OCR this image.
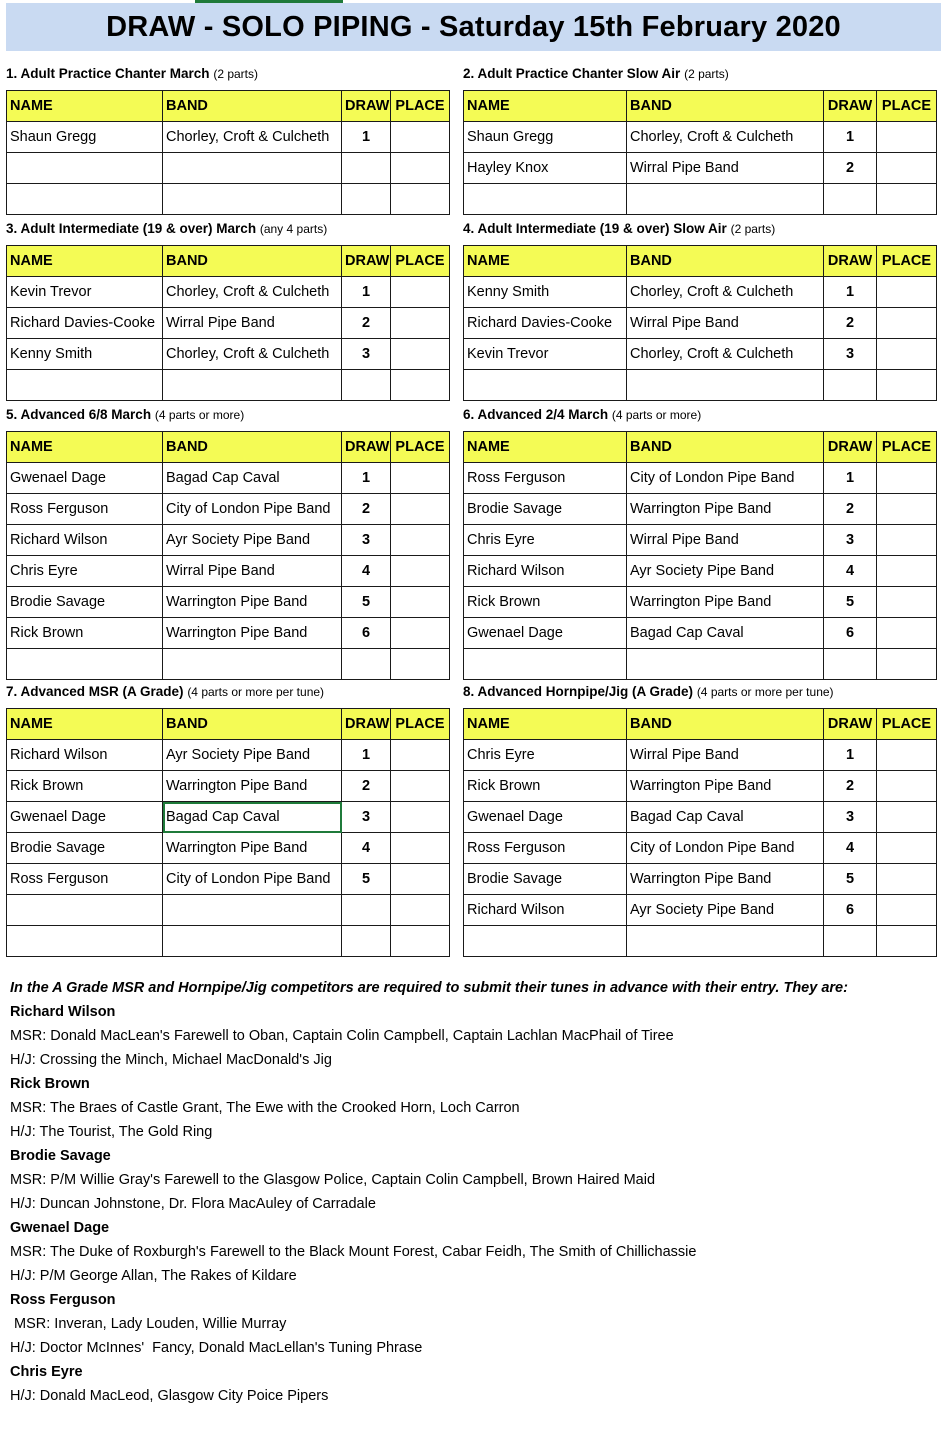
DRAW - SOLO PIPING - Saturday 15th February 2020
1. Adult Practice Chanter March (2 parts)
NAME	BAND	DRAW	PLACE
Shaun Gregg	Chorley, Croft & Culcheth	1	

2. Adult Practice Chanter Slow Air (2 parts)
NAME	BAND	DRAW	PLACE
Shaun Gregg	Chorley, Croft & Culcheth	1	
Hayley Knox	Wirral Pipe Band	2	

3. Adult Intermediate (19 & over) March (any 4 parts)
NAME	BAND	DRAW	PLACE
Kevin Trevor	Chorley, Croft & Culcheth	1	
Richard Davies-Cooke	Wirral Pipe Band	2	
Kenny Smith	Chorley, Croft & Culcheth	3	

4. Adult Intermediate (19 & over) Slow Air (2 parts)
NAME	BAND	DRAW	PLACE
Kenny Smith	Chorley, Croft & Culcheth	1	
Richard Davies-Cooke	Wirral Pipe Band	2	
Kevin Trevor	Chorley, Croft & Culcheth	3	

5. Advanced 6/8 March (4 parts or more)
NAME	BAND	DRAW	PLACE
Gwenael Dage	Bagad Cap Caval	1	
Ross Ferguson	City of London Pipe Band	2	
Richard Wilson	Ayr Society Pipe Band	3	
Chris Eyre	Wirral Pipe Band	4	
Brodie Savage	Warrington Pipe Band	5	
Rick Brown	Warrington Pipe Band	6	

6. Advanced 2/4 March (4 parts or more)
NAME	BAND	DRAW	PLACE
Ross Ferguson	City of London Pipe Band	1	
Brodie Savage	Warrington Pipe Band	2	
Chris Eyre	Wirral Pipe Band	3	
Richard Wilson	Ayr Society Pipe Band	4	
Rick Brown	Warrington Pipe Band	5	
Gwenael Dage	Bagad Cap Caval	6	

7. Advanced MSR (A Grade) (4 parts or more per tune)
NAME	BAND	DRAW	PLACE
Richard Wilson	Ayr Society Pipe Band	1	
Rick Brown	Warrington Pipe Band	2	
Gwenael Dage	Bagad Cap Caval	3	
Brodie Savage	Warrington Pipe Band	4	
Ross Ferguson	City of London Pipe Band	5	

8. Advanced Hornpipe/Jig (A Grade) (4 parts or more per tune)
NAME	BAND	DRAW	PLACE
Chris Eyre	Wirral Pipe Band	1	
Rick Brown	Warrington Pipe Band	2	
Gwenael Dage	Bagad Cap Caval	3	
Ross Ferguson	City of London Pipe Band	4	
Brodie Savage	Warrington Pipe Band	5	
Richard Wilson	Ayr Society Pipe Band	6	

In the A Grade MSR and Hornpipe/Jig competitors are required to submit their tunes in advance with their entry. They are:
Richard Wilson
MSR: Donald MacLean's Farewell to Oban, Captain Colin Campbell, Captain Lachlan MacPhail of Tiree
H/J: Crossing the Minch, Michael MacDonald's Jig
Rick Brown
MSR: The Braes of Castle Grant, The Ewe with the Crooked Horn, Loch Carron
H/J: The Tourist, The Gold Ring
Brodie Savage
MSR: P/M Willie Gray's Farewell to the Glasgow Police, Captain Colin Campbell, Brown Haired Maid
H/J: Duncan Johnstone, Dr. Flora MacAuley of Carradale
Gwenael Dage
MSR: The Duke of Roxburgh's Farewell to the Black Mount Forest, Cabar Feidh, The Smith of Chillichassie
H/J: P/M George Allan, The Rakes of Kildare
Ross Ferguson
MSR: Inveran, Lady Louden, Willie Murray
H/J: Doctor McInnes'  Fancy, Donald MacLellan's Tuning Phrase
Chris Eyre
H/J: Donald MacLeod, Glasgow City Poice Pipers
